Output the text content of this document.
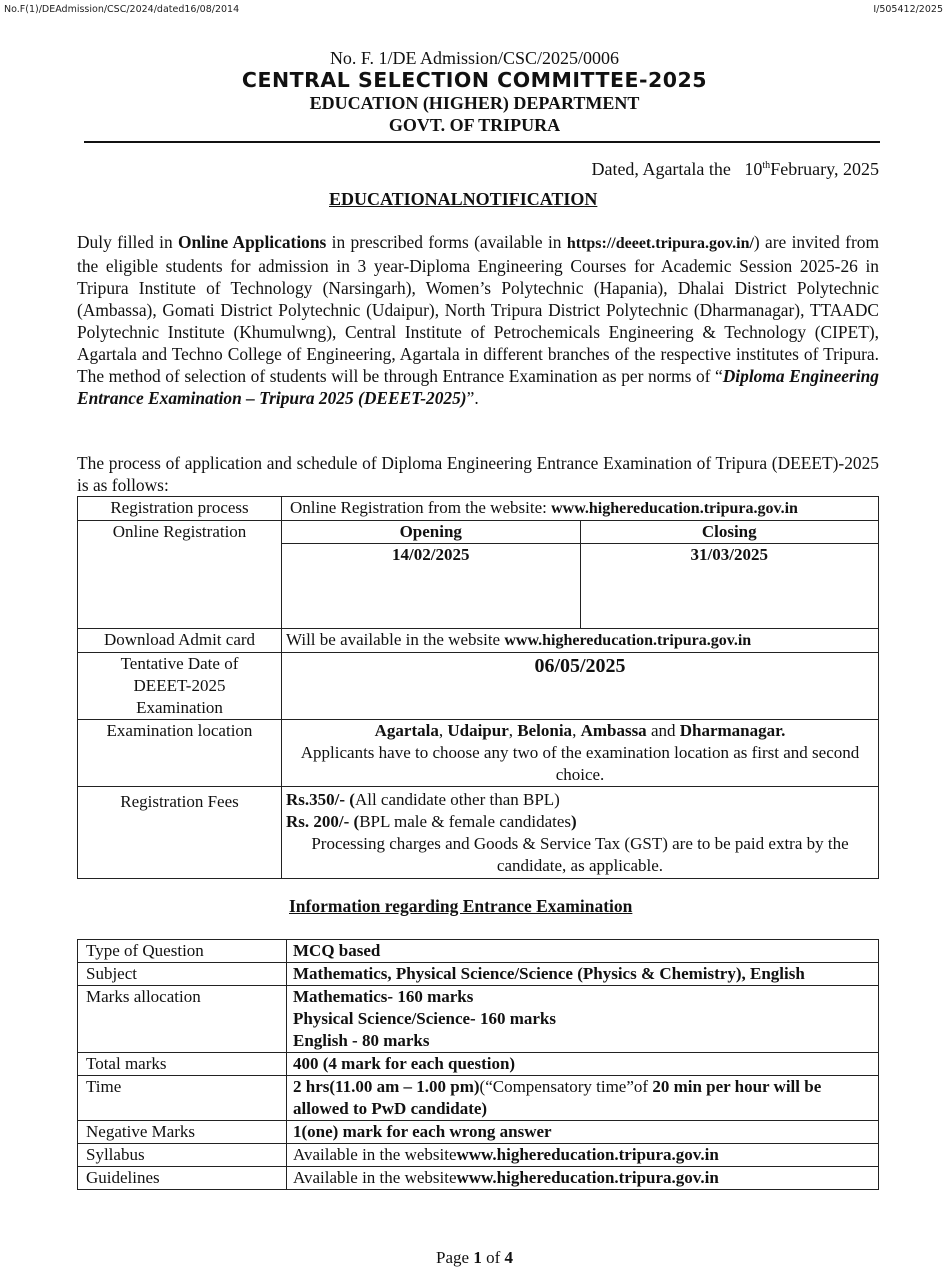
No.F(1)/DEAdmission/CSC/2024/dated16/08/2014	I/505412/2025
No. F. 1/DE Admission/CSC/2025/0006
CENTRAL SELECTION COMMITTEE-2025
EDUCATION (HIGHER) DEPARTMENT
GOVT. OF TRIPURA
Dated, Agartala the 10thFebruary, 2025
EDUCATIONALNOTIFICATION
Duly filled in Online Applications in prescribed forms (available in https://deeet.tripura.gov.in/) are invited from the eligible students for admission in 3 year-Diploma Engineering Courses for Academic Session 2025-26 in Tripura Institute of Technology (Narsingarh), Women’s Polytechnic (Hapania), Dhalai District Polytechnic (Ambassa), Gomati District Polytechnic (Udaipur), North Tripura District Polytechnic (Dharmanagar), TTAADC Polytechnic Institute (Khumulwng), Central Institute of Petrochemicals Engineering & Technology (CIPET), Agartala and Techno College of Engineering, Agartala in different branches of the respective institutes of Tripura. The method of selection of students will be through Entrance Examination as per norms of “Diploma Engineering Entrance Examination – Tripura 2025 (DEEET-2025)”.
The process of application and schedule of Diploma Engineering Entrance Examination of Tripura (DEEET)-2025 is as follows:
Registration process	Online Registration from the website: www.highereducation.tripura.gov.in
Online Registration		Opening	Closing
14/02/2025	31/03/2025

Download Admit card	Will be available in the website www.highereducation.tripura.gov.in
Tentative Date of
DEEET-2025
Examination	06/05/2025
Examination location	Agartala, Udaipur, Belonia, Ambassa and Dharmanagar.
Applicants have to choose any two of the examination location as first and second choice.
Registration Fees	Rs.350/- (All candidate other than BPL)
Rs. 200/- (BPL male & female candidates)

Processing charges and Goods & Service Tax (GST) are to be paid extra by the candidate, as applicable.
Information regarding Entrance Examination
Type of Question	MCQ based
Subject	Mathematics, Physical Science/Science (Physics & Chemistry), English
Marks allocation	Mathematics- 160 marks
Physical Science/Science- 160 marks
English - 80 marks
Total marks	400 (4 mark for each question)
Time	2 hrs(11.00 am – 1.00 pm)(“Compensatory time”of 20 min per hour will be allowed to PwD candidate)
Negative Marks	1(one) mark for each wrong answer
Syllabus	Available in the websitewww.highereducation.tripura.gov.in
Guidelines	Available in the websitewww.highereducation.tripura.gov.in
Page 1 of 4
